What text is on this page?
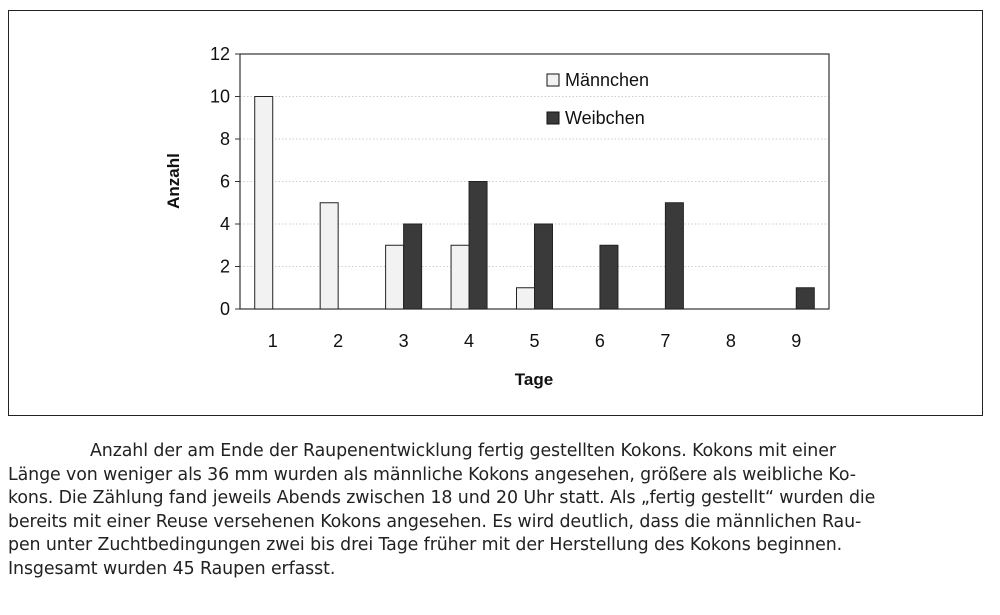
0
2
4
6
8
10
12
1	2	3	4	5	6	7	8	9
Anzahl
Tage
Männchen
Weibchen

Anzahl der am Ende der Raupenentwicklung fertig gestellten Kokons. Kokons mit einer
Länge von weniger als 36 mm wurden als männliche Kokons angesehen, größere als weibliche Ko-
kons. Die Zählung fand jeweils Abends zwischen 18 und 20 Uhr statt. Als „fertig gestellt“ wurden die
bereits mit einer Reuse versehenen Kokons angesehen. Es wird deutlich, dass die männlichen Rau-
pen unter Zuchtbedingungen zwei bis drei Tage früher mit der Herstellung des Kokons beginnen.
Insgesamt wurden 45 Raupen erfasst.
